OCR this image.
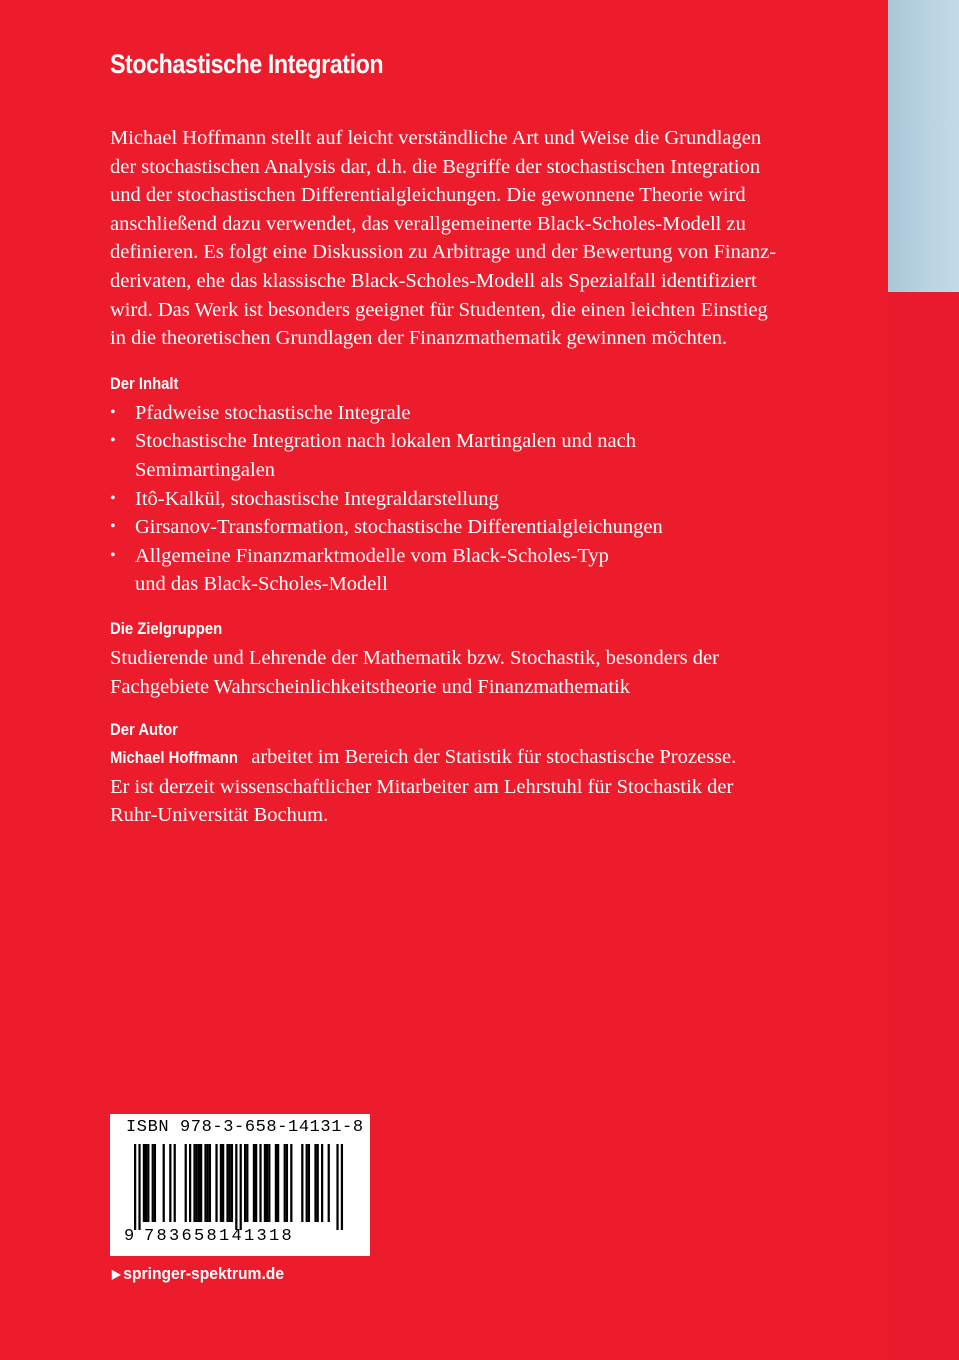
Stochastische Integration

Michael Hoffmann stellt auf leicht verständliche Art und Weise die Grundlagen

der stochastischen Analysis dar, d.h. die Begriffe der stochastischen Integration

und der stochastischen Differentialgleichungen. Die gewonnene Theorie wird

anschließend dazu verwendet, das verallgemeinerte Black-Scholes-Modell zu

definieren. Es folgt eine Diskussion zu Arbitrage und der Bewertung von Finanz-

derivaten, ehe das klassische Black-Scholes-Modell als Spezialfall identifiziert

wird. Das Werk ist besonders geeignet für Studenten, die einen leichten Einstieg

in die theoretischen Grundlagen der Finanzmathematik gewinnen möchten.

Der Inhalt
• Pfadweise stochastische Integrale
• Stochastische Integration nach lokalen Martingalen und nach
Semimartingalen
• Itô-Kalkül, stochastische Integraldarstellung
• Girsanov-Transformation, stochastische Differentialgleichungen
• Allgemeine Finanzmarktmodelle vom Black-Scholes-Typ
und das Black-Scholes-Modell
Die Zielgruppen
Studierende und Lehrende der Mathematik bzw. Stochastik, besonders der
Fachgebiete Wahrscheinlichkeitstheorie und Finanzmathematik
Der Autor
Michael Hoffmann arbeitet im Bereich der Statistik für stochastische Prozesse.
Er ist derzeit wissenschaftlicher Mitarbeiter am Lehrstuhl für Stochastik der
Ruhr-Universität Bochum.
ISBN 978-3-658-14131-8
9 783658141318
▶ springer-spektrum.de
